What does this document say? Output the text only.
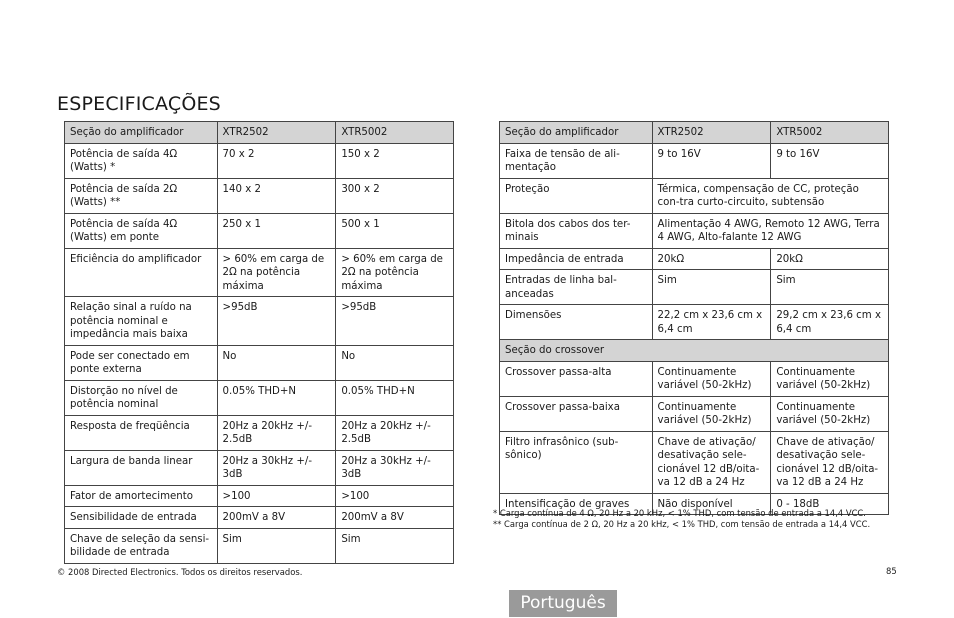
ESPECIFICAÇÕES
Seção do amplificador	XTR2502	XTR5002
Potência de saída 4Ω (Watts) *	70 x 2	150 x 2
Potência de saída 2Ω (Watts) **	140 x 2	300 x 2
Potência de saída 4Ω (Watts) em ponte	250 x 1	500 x 1
Eficiência do amplificador	> 60% em carga de 2Ω na potência máxima	> 60% em carga de 2Ω na potência máxima
Relação sinal a ruído na potência nominal e impedância mais baixa	>95dB	>95dB
Pode ser conectado em ponte externa	No	No
Distorção no nível de potência nominal	0.05% THD+N	0.05% THD+N
Resposta de freqüência	20Hz a 20kHz +/- 2.5dB	20Hz a 20kHz +/- 2.5dB
Largura de banda linear	20Hz a 30kHz +/- 3dB	20Hz a 30kHz +/- 3dB
Fator de amortecimento	>100	>100
Sensibilidade de entrada	200mV a 8V	200mV a 8V
Chave de seleção da sensi-bilidade de entrada	Sim	Sim
Seção do amplificador	XTR2502	XTR5002
Faixa de tensão de ali-mentação	9 to 16V	9 to 16V
Proteção	Térmica, compensação de CC, proteção con-tra curto-circuito, subtensão	
Bitola dos cabos dos ter-minais	Alimentação 4 AWG, Remoto 12 AWG, Terra 4 AWG, Alto-falante 12 AWG	
Impedância de entrada	20kΩ	20kΩ
Entradas de linha bal-anceadas	Sim	Sim
Dimensões	22,2 cm x 23,6 cm x 6,4 cm	29,2 cm x 23,6 cm x 6,4 cm
Seção do crossover		
Crossover passa-alta	Continuamente variável (50-2kHz)	Continuamente variável (50-2kHz)
Crossover passa-baixa	Continuamente variável (50-2kHz)	Continuamente variável (50-2kHz)
Filtro infrasônico (sub-sônico)	Chave de ativação/ desativação sele-cionável 12 dB/oita-va 12 dB a 24 Hz	Chave de ativação/ desativação sele-cionável 12 dB/oita-va 12 dB a 24 Hz
Intensificação de graves	Não disponível	0 - 18dB
* Carga contínua de 4 Ω, 20 Hz a 20 kHz, < 1% THD, com tensão de entrada a 14,4 VCC.
** Carga contínua de 2 Ω, 20 Hz a 20 kHz, < 1% THD, com tensão de entrada a 14,4 VCC.
© 2008 Directed Electronics. Todos os direitos reservados.	85
Português
